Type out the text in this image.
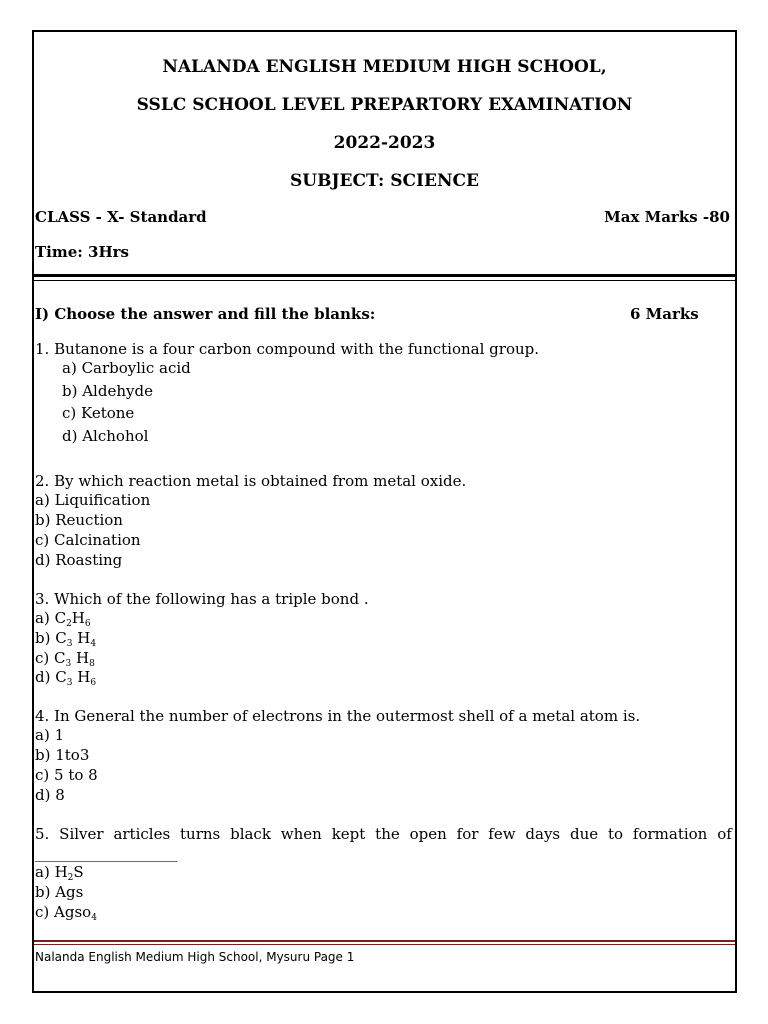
NALANDA ENGLISH MEDIUM HIGH SCHOOL,
SSLC SCHOOL LEVEL PREPARTORY EXAMINATION
2022-2023
SUBJECT: SCIENCE
CLASS - X- Standard	Max Marks -80
Time: 3Hrs
I) Choose the answer and fill the blanks:	6 Marks
1. Butanone is a four carbon compound with the functional group.
a) Carboylic acid
b) Aldehyde
c) Ketone
d) Alchohol
2. By which reaction metal is obtained from metal oxide.
a) Liquification
b) Reuction
c) Calcination
d) Roasting
3. Which of the following has a triple bond .
a) $C_2H_6$
b) $C_3$ $H_4$
c) $C_3$ $H_8$
d) $C_3$ $H_6$
4. In General the number of electrons in the outermost shell of a metal atom is.
a) 1
b) 1to3
c) 5 to 8
d) 8
5. Silver articles turns black when kept the open for few days due to formation of
___________________
a) $H_2S$
b) Ags
c) Agso$_4$
Nalanda English Medium High School, Mysuru Page 1
